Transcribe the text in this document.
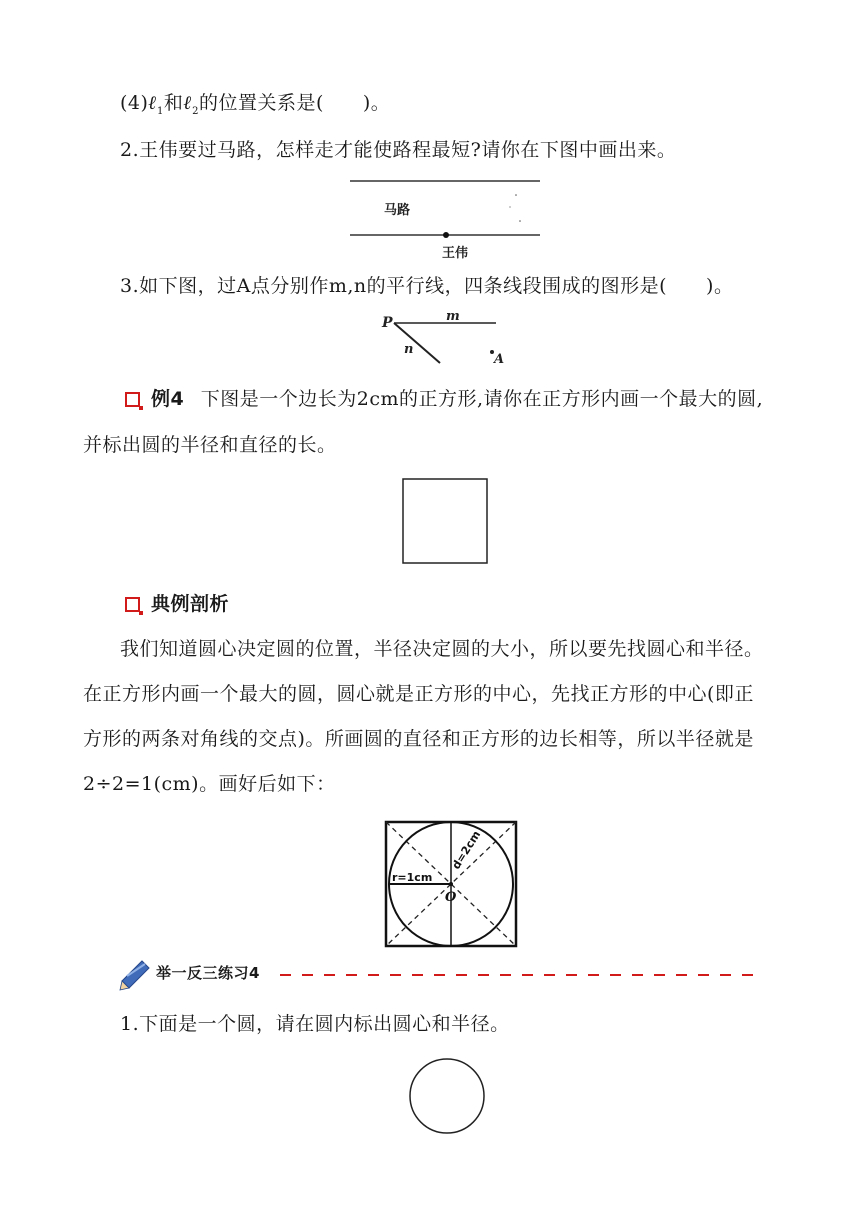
(4)ℓ$_1$和ℓ$_2$的位置关系是(　　)。
2.王伟要过马路，怎样走才能使路程最短?请你在下图中画出来。
马路
王伟
3.如下图，过A点分别作m,n的平行线，四条线段围成的图形是(　　)。
P	m
n
A
例4 下图是一个边长为2cm的正方形,请你在正方形内画一个最大的圆,
并标出圆的半径和直径的长。
典例剖析
我们知道圆心决定圆的位置，半径决定圆的大小，所以要先找圆心和半径。
在正方形内画一个最大的圆，圆心就是正方形的中心，先找正方形的中心(即正
方形的两条对角线的交点)。所画圆的直径和正方形的边长相等，所以半径就是
2÷2=1(cm)。画好后如下：
r=1cm
d=2cm
O
举一反三练习4
1.下面是一个圆，请在圆内标出圆心和半径。
